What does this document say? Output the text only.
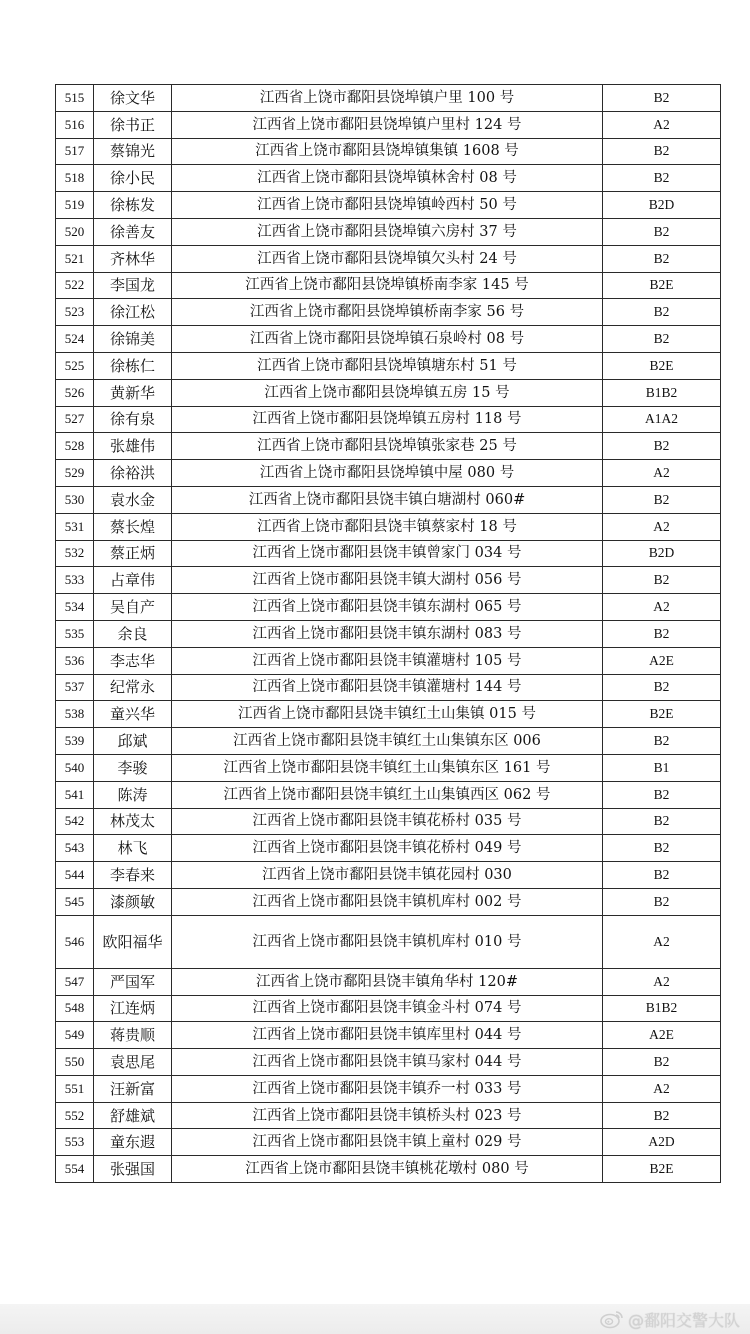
515	徐文华	江西省上饶市鄱阳县饶埠镇户里 100 号	B2
516	徐书正	江西省上饶市鄱阳县饶埠镇户里村 124 号	A2
517	蔡锦光	江西省上饶市鄱阳县饶埠镇集镇 1608 号	B2
518	徐小民	江西省上饶市鄱阳县饶埠镇林舍村 08 号	B2
519	徐栋发	江西省上饶市鄱阳县饶埠镇岭西村 50 号	B2D
520	徐善友	江西省上饶市鄱阳县饶埠镇六房村 37 号	B2
521	齐林华	江西省上饶市鄱阳县饶埠镇欠头村 24 号	B2
522	李国龙	江西省上饶市鄱阳县饶埠镇桥南李家 145 号	B2E
523	徐江松	江西省上饶市鄱阳县饶埠镇桥南李家 56 号	B2
524	徐锦美	江西省上饶市鄱阳县饶埠镇石泉岭村 08 号	B2
525	徐栋仁	江西省上饶市鄱阳县饶埠镇塘东村 51 号	B2E
526	黄新华	江西省上饶市鄱阳县饶埠镇五房 15 号	B1B2
527	徐有泉	江西省上饶市鄱阳县饶埠镇五房村 118 号	A1A2
528	张雄伟	江西省上饶市鄱阳县饶埠镇张家巷 25 号	B2
529	徐裕洪	江西省上饶市鄱阳县饶埠镇中屋 080 号	A2
530	袁水金	江西省上饶市鄱阳县饶丰镇白塘湖村 060#	B2
531	蔡长煌	江西省上饶市鄱阳县饶丰镇蔡家村 18 号	A2
532	蔡正炳	江西省上饶市鄱阳县饶丰镇曾家门 034 号	B2D
533	占章伟	江西省上饶市鄱阳县饶丰镇大湖村 056 号	B2
534	吴自产	江西省上饶市鄱阳县饶丰镇东湖村 065 号	A2
535	余良	江西省上饶市鄱阳县饶丰镇东湖村 083 号	B2
536	李志华	江西省上饶市鄱阳县饶丰镇灌塘村 105 号	A2E
537	纪常永	江西省上饶市鄱阳县饶丰镇灌塘村 144 号	B2
538	童兴华	江西省上饶市鄱阳县饶丰镇红土山集镇 015 号	B2E
539	邱斌	江西省上饶市鄱阳县饶丰镇红土山集镇东区 006	B2
540	李骏	江西省上饶市鄱阳县饶丰镇红土山集镇东区 161 号	B1
541	陈涛	江西省上饶市鄱阳县饶丰镇红土山集镇西区 062 号	B2
542	林茂太	江西省上饶市鄱阳县饶丰镇花桥村 035 号	B2
543	林飞	江西省上饶市鄱阳县饶丰镇花桥村 049 号	B2
544	李春来	江西省上饶市鄱阳县饶丰镇花园村 030	B2
545	漆颜敏	江西省上饶市鄱阳县饶丰镇机库村 002 号	B2
546	欧阳福华	江西省上饶市鄱阳县饶丰镇机库村 010 号	A2
547	严国军	江西省上饶市鄱阳县饶丰镇角华村 120#	A2
548	江连炳	江西省上饶市鄱阳县饶丰镇金斗村 074 号	B1B2
549	蒋贵顺	江西省上饶市鄱阳县饶丰镇库里村 044 号	A2E
550	袁思尾	江西省上饶市鄱阳县饶丰镇马家村 044 号	B2
551	汪新富	江西省上饶市鄱阳县饶丰镇乔一村 033 号	A2
552	舒雄斌	江西省上饶市鄱阳县饶丰镇桥头村 023 号	B2
553	童东遐	江西省上饶市鄱阳县饶丰镇上童村 029 号	A2D
554	张强国	江西省上饶市鄱阳县饶丰镇桃花墩村 080 号	B2E
@鄱阳交警大队
